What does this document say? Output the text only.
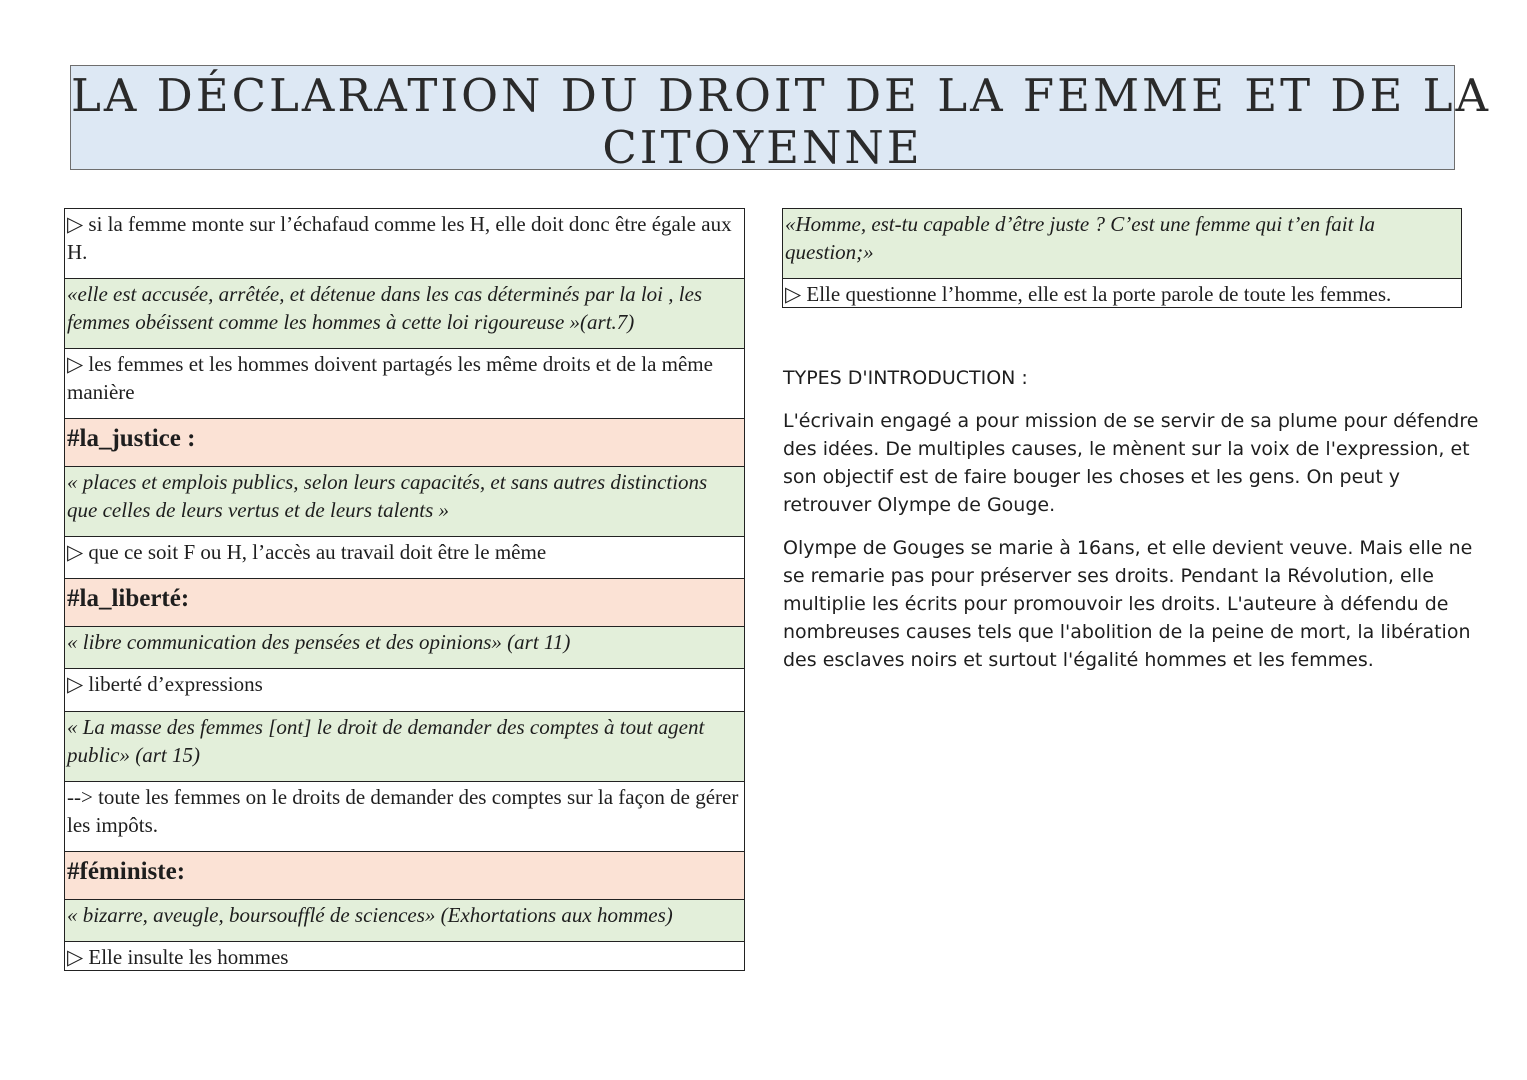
LA DÉCLARATION DU DROIT DE LA FEMME ET DE LA
CITOYENNE
▷ si la femme monte sur l’échafaud comme les H, elle doit donc être égale aux H.
«elle est accusée, arrêtée, et détenue dans les cas déterminés par la loi , les femmes obéissent comme les hommes à cette loi rigoureuse »(art.7)
▷ les femmes et les hommes doivent partagés les même droits et de la même manière
#la_justice :
« places et emplois publics, selon leurs capacités, et sans autres distinctions que celles de leurs vertus et de leurs talents »
▷ que ce soit F ou H, l’accès au travail doit être le même
#la_liberté:
« libre communication des pensées et des opinions» (art 11)
▷ liberté d’expressions
« La masse des femmes [ont] le droit de demander des comptes à tout agent public» (art 15)
--> toute les femmes on le droits de demander des comptes sur la façon de gérer les impôts.
#féministe:
« bizarre, aveugle, boursoufflé de sciences» (Exhortations aux hommes)
▷ Elle insulte les hommes
«Homme, est-tu capable d’être juste ? C’est une femme qui t’en fait la question;»
▷ Elle questionne l’homme, elle est la porte parole de toute les femmes.
TYPES D'INTRODUCTION :
L'écrivain engagé a pour mission de se servir de sa plume pour défendre des idées. De multiples causes, le mènent sur la voix de l'expression, et son objectif est de faire bouger les choses et les gens. On peut y retrouver Olympe de Gouge.
Olympe de Gouges se marie à 16ans, et elle devient veuve. Mais elle ne se remarie pas pour préserver ses droits. Pendant la Révolution, elle multiplie les écrits pour promouvoir les droits. L'auteure à défendu de nombreuses causes tels que l'abolition de la peine de mort, la libération des esclaves noirs et surtout l'égalité hommes et les femmes.
